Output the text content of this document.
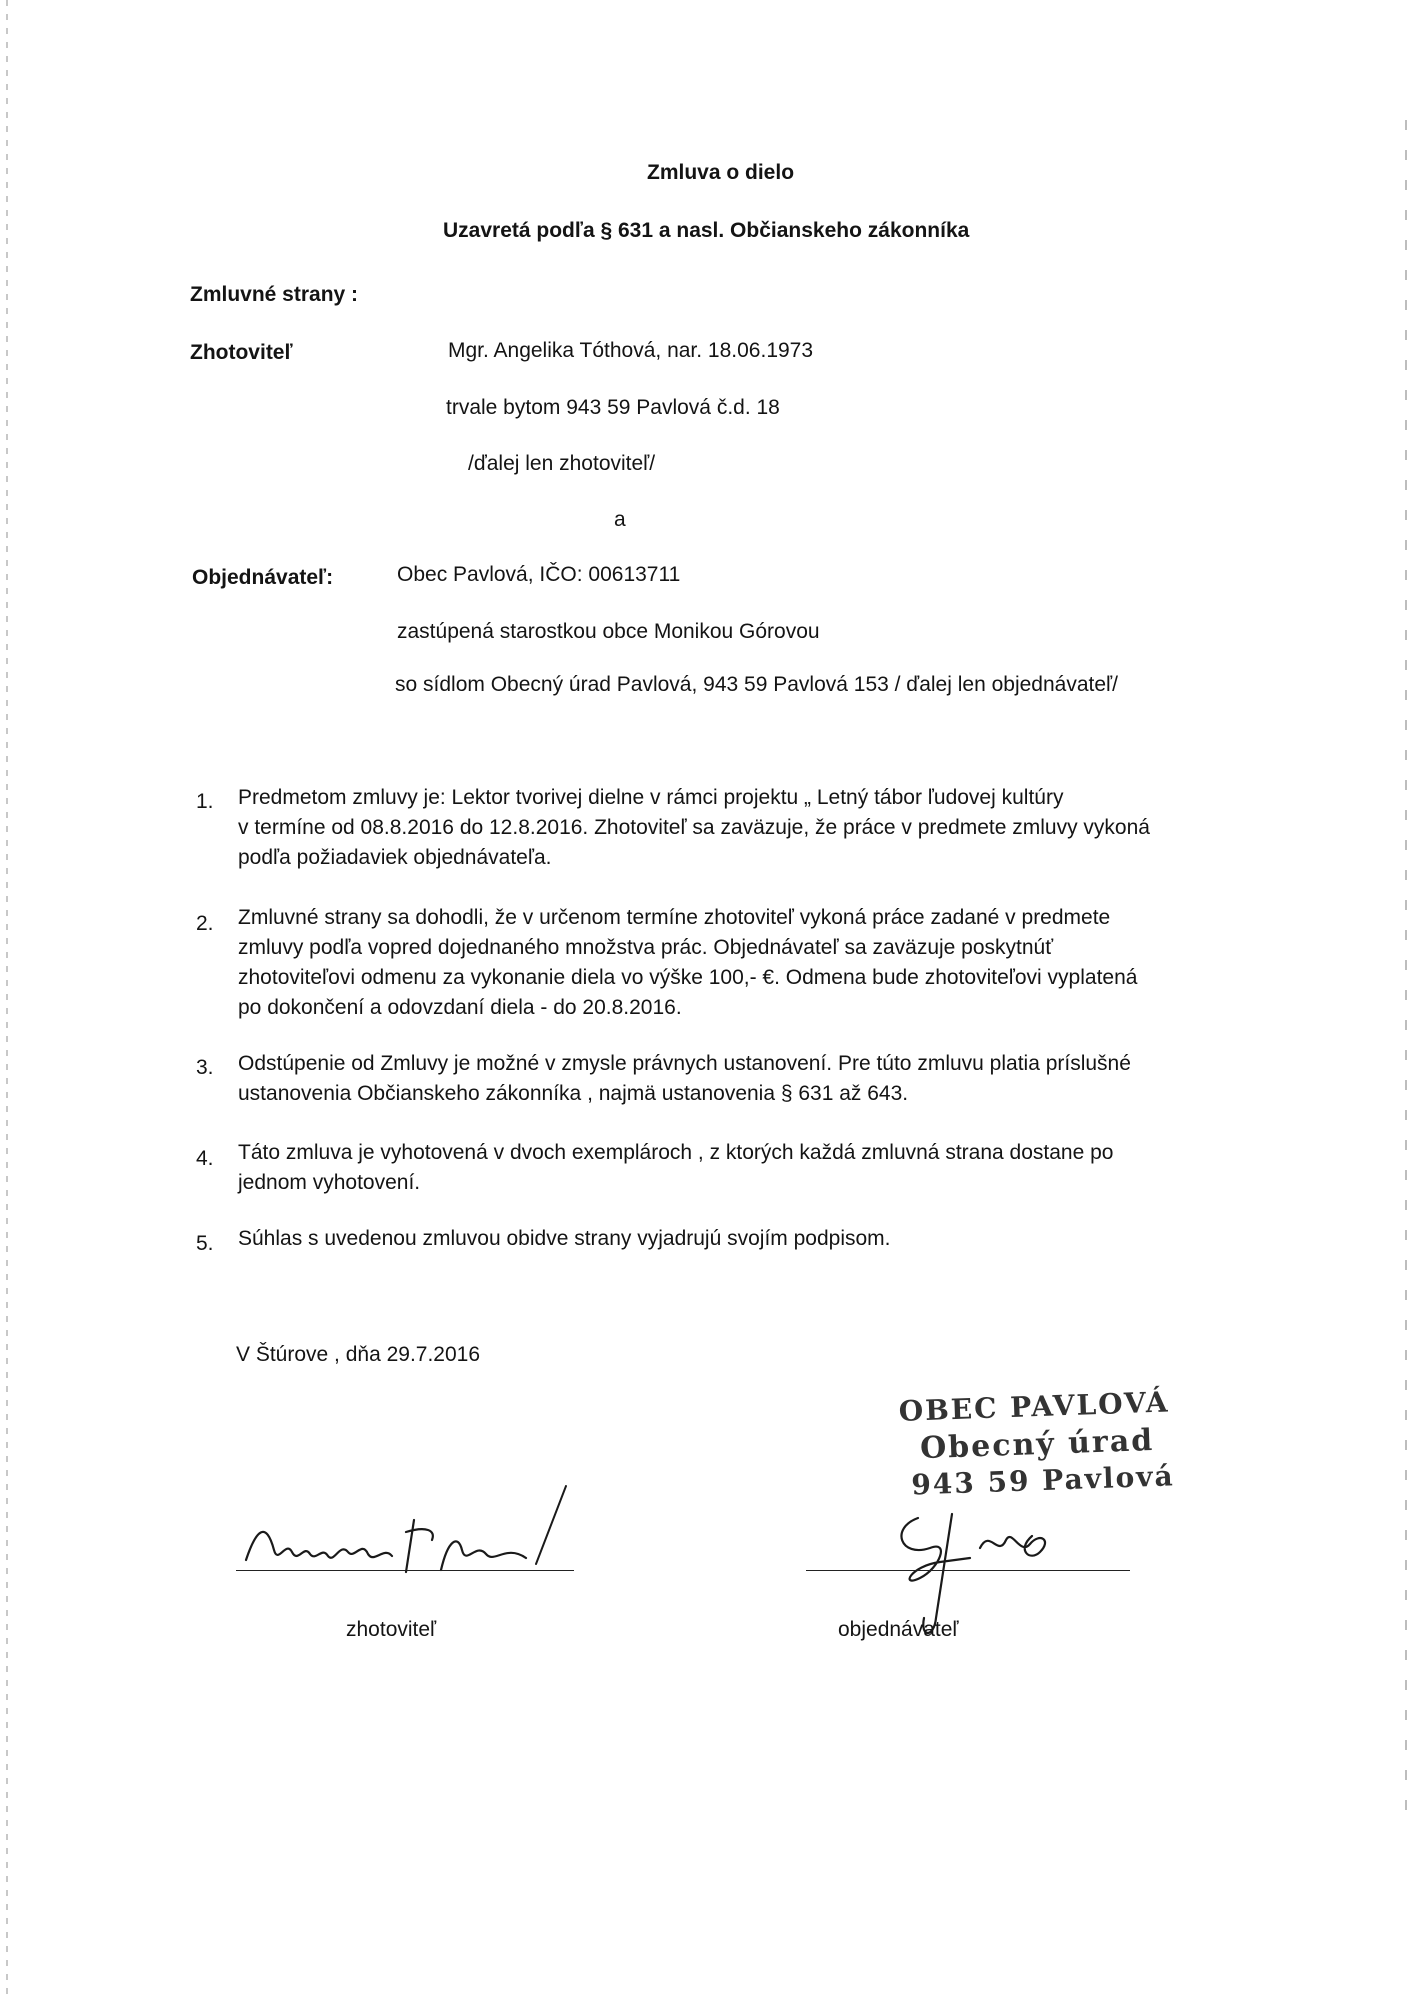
Zmluva o dielo
Uzavretá podľa § 631 a nasl. Občianskeho zákonníka
Zmluvné strany :
Zhotoviteľ	Mgr. Angelika Tóthová, nar. 18.06.1973
trvale bytom 943 59 Pavlová č.d. 18
/ďalej len zhotoviteľ/
a
Objednávateľ:	Obec Pavlová, IČO: 00613711
zastúpená starostkou obce Monikou Górovou
so sídlom Obecný úrad Pavlová, 943 59 Pavlová 153 / ďalej len objednávateľ/
1. Predmetom zmluvy je: Lektor tvorivej dielne v rámci projektu „ Letný tábor ľudovej kultúry
v termíne od 08.8.2016 do 12.8.2016. Zhotoviteľ sa zaväzuje, že práce v predmete zmluvy vykoná
podľa požiadaviek objednávateľa.
2. Zmluvné strany sa dohodli, že v určenom termíne zhotoviteľ vykoná práce zadané v predmete
zmluvy podľa vopred dojednaného množstva prác. Objednávateľ sa zaväzuje poskytnúť
zhotoviteľovi odmenu za vykonanie diela vo výške 100,- €. Odmena bude zhotoviteľovi vyplatená
po dokončení a odovzdaní diela - do 20.8.2016.
3. Odstúpenie od Zmluvy je možné v zmysle právnych ustanovení. Pre túto zmluvu platia príslušné
ustanovenia Občianskeho zákonníka , najmä ustanovenia § 631 až 643.
4. Táto zmluva je vyhotovená v dvoch exemplároch , z ktorých každá zmluvná strana dostane po
jednom vyhotovení.
5. Súhlas s uvedenou zmluvou obidve strany vyjadrujú svojím podpisom.
V Štúrove , dňa 29.7.2016
OBEC PAVLOVÁ
Obecný úrad
943 59 Pavlová
zhotoviteľ	objednávateľ
